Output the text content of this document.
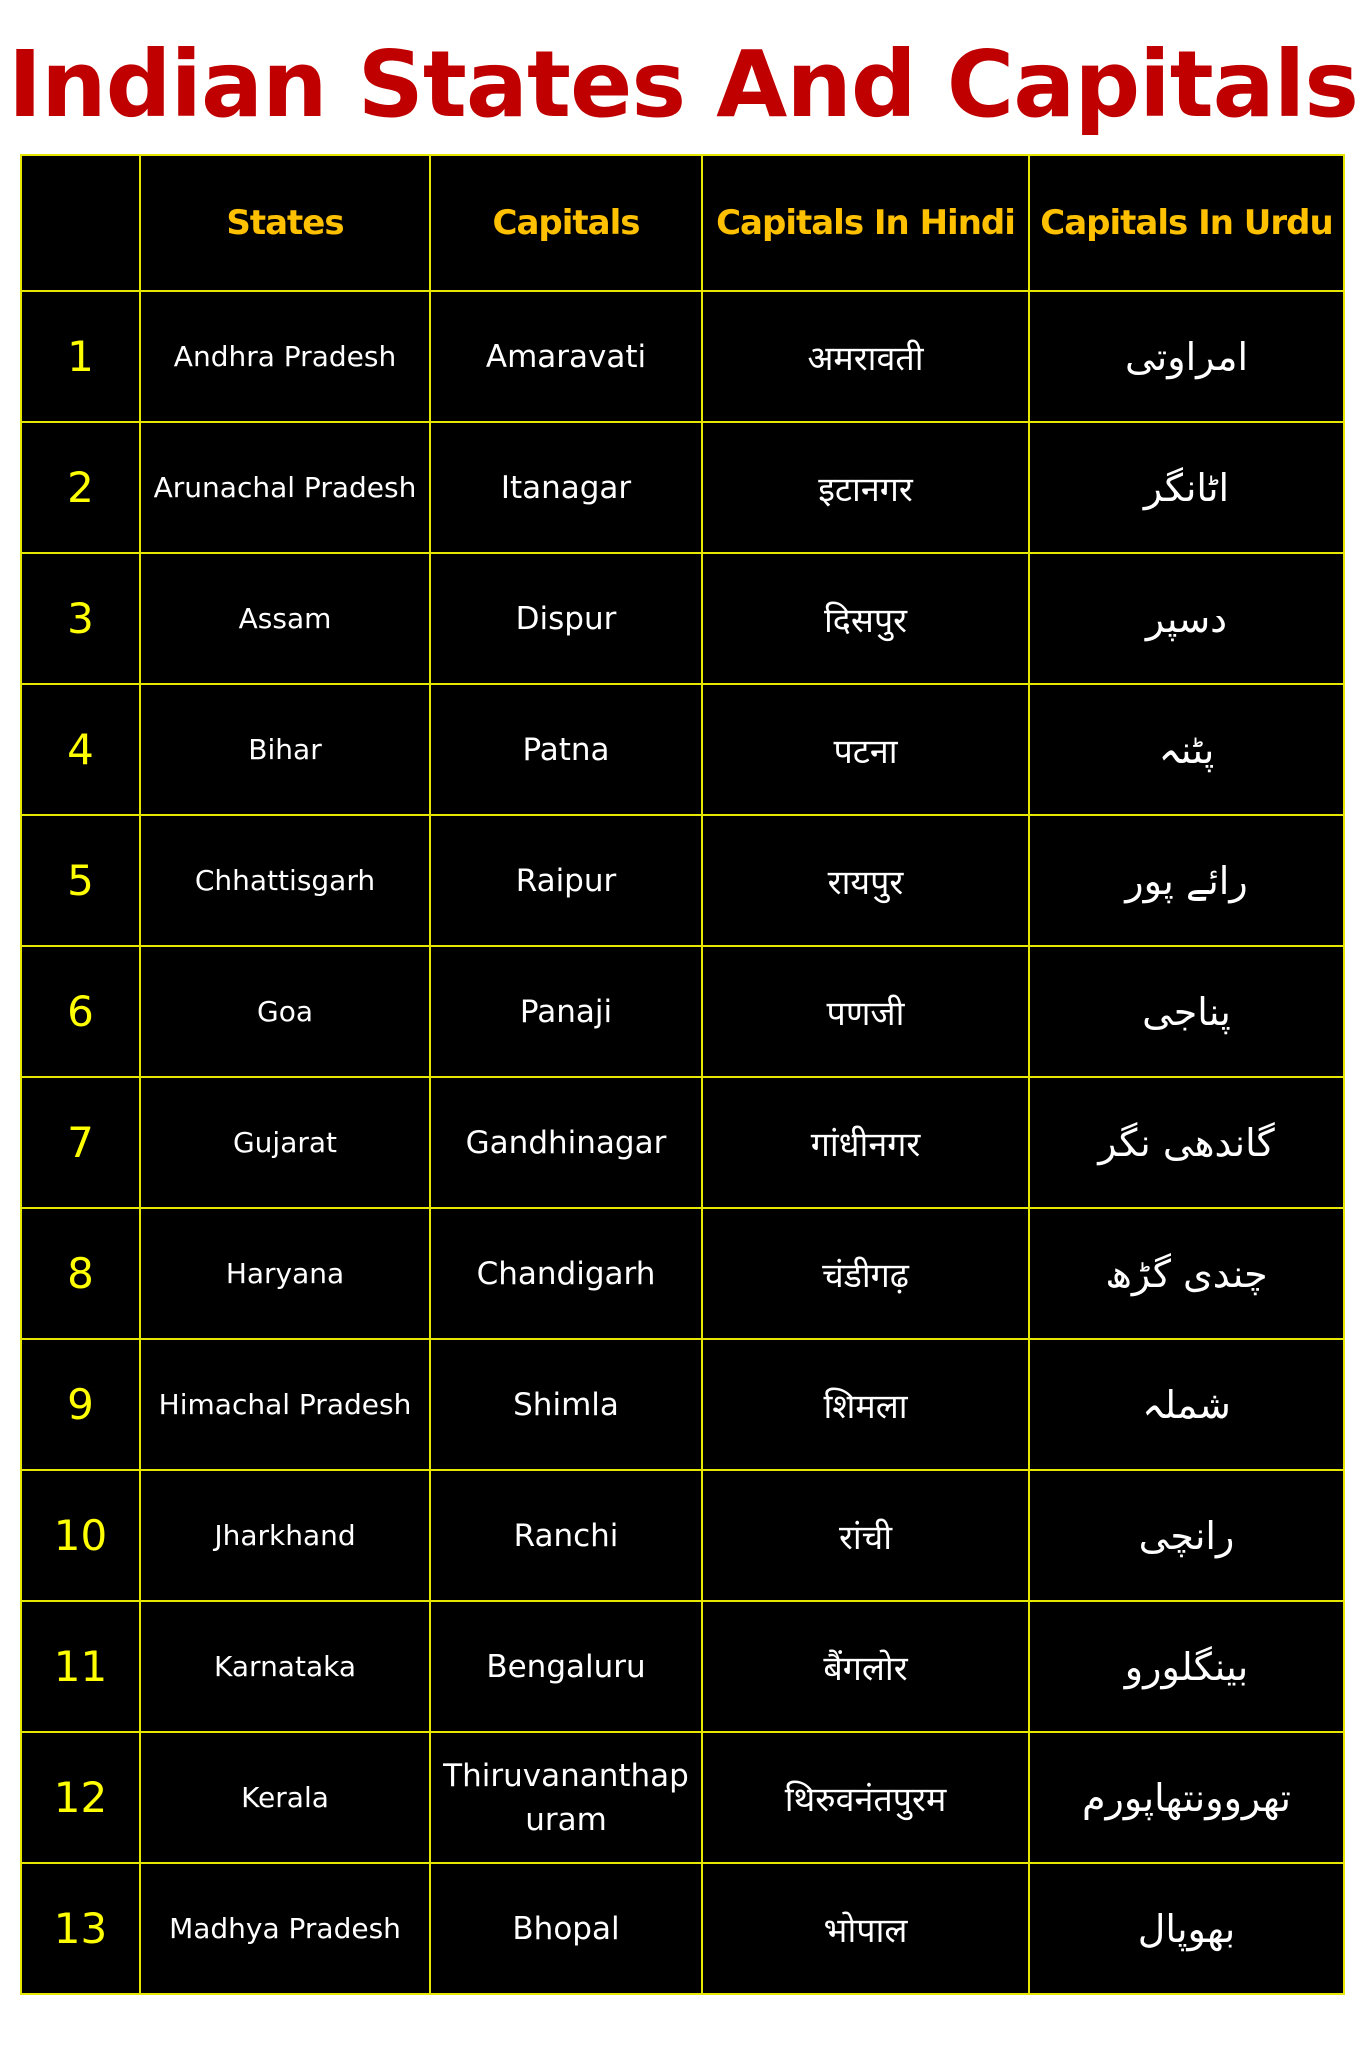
Indian States And Capitals
	States	Capitals	Capitals In Hindi	Capitals In Urdu
1	Andhra Pradesh	Amaravati	अमरावती	امراوتی
2	Arunachal Pradesh	Itanagar	इटानगर	اٹانگر
3	Assam	Dispur	दिसपुर	دسپر
4	Bihar	Patna	पटना	پٹنہ
5	Chhattisgarh	Raipur	रायपुर	رائے پور
6	Goa	Panaji	पणजी	پناجی
7	Gujarat	Gandhinagar	गांधीनगर	گاندھی نگر
8	Haryana	Chandigarh	चंडीगढ़	چندی گڑھ
9	Himachal Pradesh	Shimla	शिमला	شملہ
10	Jharkhand	Ranchi	रांची	رانچی
11	Karnataka	Bengaluru	बैंगलोर	بینگلورو
12	Kerala	Thiruvananthap uram	थिरुवनंतपुरम	تھروونتھاپورم
13	Madhya Pradesh	Bhopal	भोपाल	بھوپال
